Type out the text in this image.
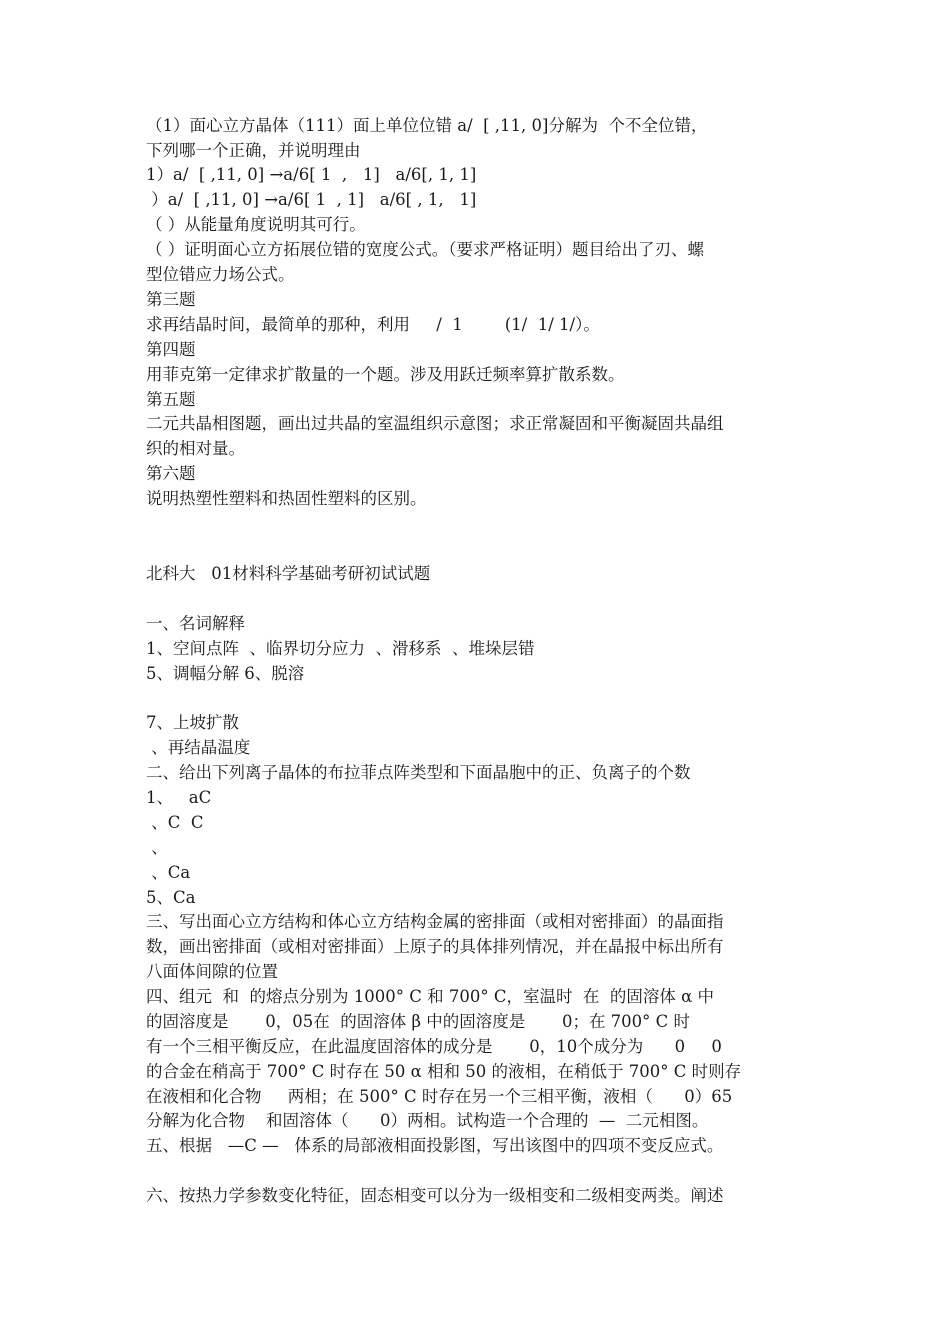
（1）面心立方晶体（111）面上单位位错 a/  [ ,11, 0]分解为  个不全位错，
下列哪一个正确，并说明理由
1）a/  [ ,11, 0] →a/6[ 1  ,   1]   a/6[, 1, 1]
）a/  [ ,11, 0] →a/6[ 1  , 1]   a/6[ , 1,   1]
（ ）从能量角度说明其可行。
（ ）证明面心立方拓展位错的宽度公式。（要求严格证明）题目给出了刃、螺
型位错应力场公式。
第三题
求再结晶时间，最简单的那种，利用     /  1        (1/  1/ 1/）。
第四题
用菲克第一定律求扩散量的一个题。涉及用跃迁频率算扩散系数。
第五题
二元共晶相图题，画出过共晶的室温组织示意图；求正常凝固和平衡凝固共晶组
织的相对量。
第六题
说明热塑性塑料和热固性塑料的区别。
北科大   01材料科学基础考研初试试题
一、名词解释
1、空间点阵  、临界切分应力  、滑移系  、堆垛层错
5、调幅分解 6、脱溶
7、上坡扩散
、再结晶温度
二、给出下列离子晶体的布拉菲点阵类型和下面晶胞中的正、负离子的个数
1、   aC
、C  C
、
、Ca
5、Ca
三、写出面心立方结构和体心立方结构金属的密排面（或相对密排面）的晶面指
数，画出密排面（或相对密排面）上原子的具体排列情况，并在晶报中标出所有
八面体间隙的位置
四、组元  和  的熔点分别为 1000° C 和 700° C，室温时  在  的固溶体 α 中
的固溶度是       0，05在  的固溶体 β 中的固溶度是       0；在 700° C 时
有一个三相平衡反应，在此温度固溶体的成分是       0，10个成分为      0     0
的合金在稍高于 700° C 时存在 50 α 相和 50 的液相，在稍低于 700° C 时则存
在液相和化合物     两相；在 500° C 时存在另一个三相平衡，液相（      0）65
分解为化合物    和固溶体（      0）两相。试构造一个合理的  —  二元相图。
五、根据   —C —   体系的局部液相面投影图，写出该图中的四项不变反应式。
六、按热力学参数变化特征，固态相变可以分为一级相变和二级相变两类。阐述
